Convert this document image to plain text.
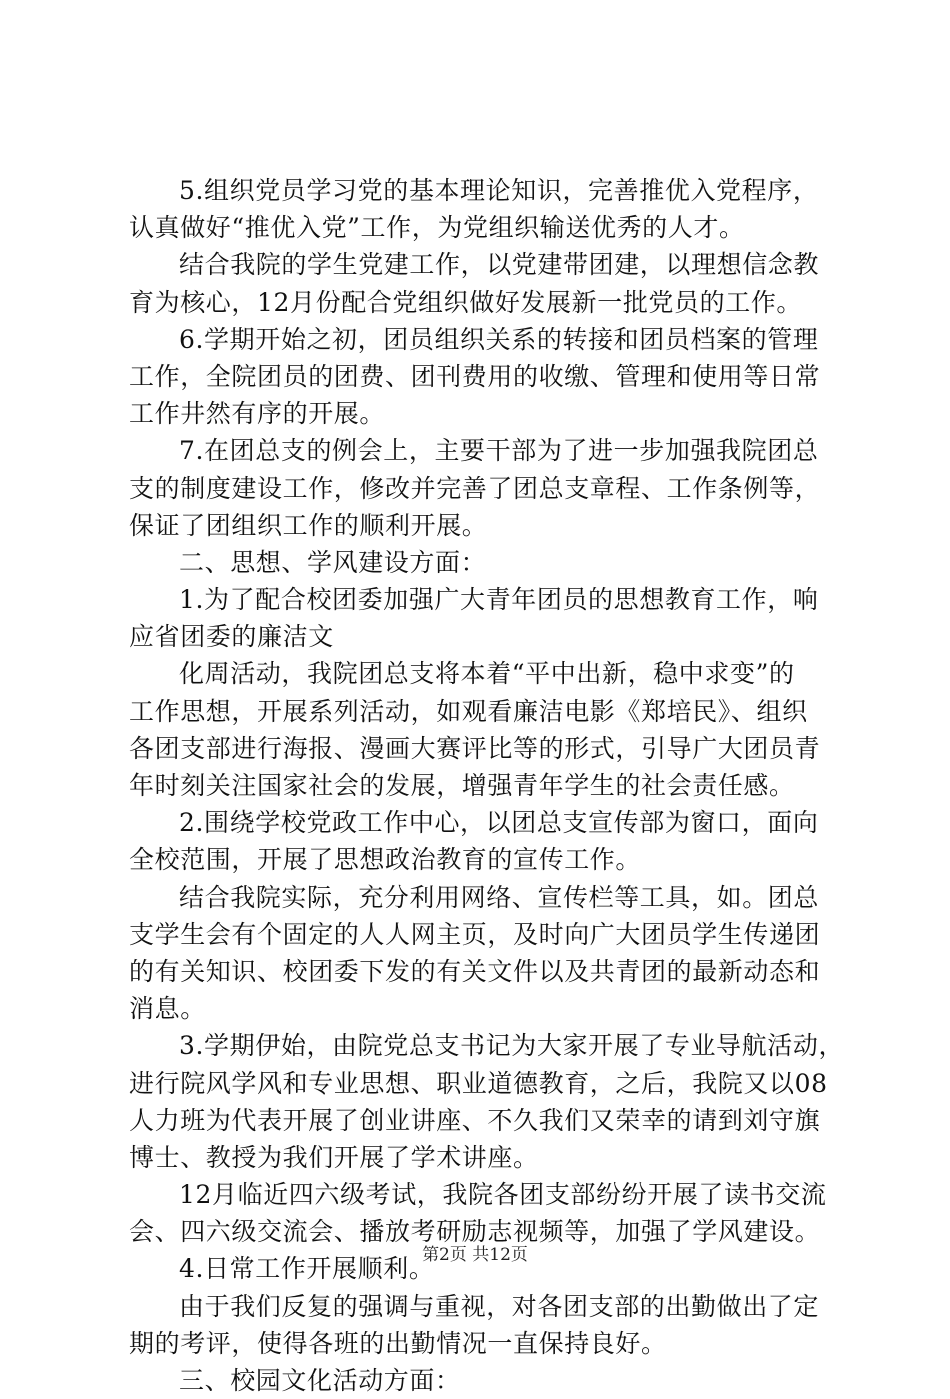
5.组织党员学习党的基本理论知识，完善推优入党程序，
认真做好“推优入党”工作，为党组织输送优秀的人才。
结合我院的学生党建工作，以党建带团建，以理想信念教
育为核心，12月份配合党组织做好发展新一批党员的工作。
6.学期开始之初，团员组织关系的转接和团员档案的管理
工作，全院团员的团费、团刊费用的收缴、管理和使用等日常
工作井然有序的开展。
7.在团总支的例会上，主要干部为了进一步加强我院团总
支的制度建设工作，修改并完善了团总支章程、工作条例等，
保证了团组织工作的顺利开展。
二、思想、学风建设方面：
1.为了配合校团委加强广大青年团员的思想教育工作，响
应省团委的廉洁文
化周活动，我院团总支将本着“平中出新，稳中求变”的
工作思想，开展系列活动，如观看廉洁电影《郑培民》、组织
各团支部进行海报、漫画大赛评比等的形式，引导广大团员青
年时刻关注国家社会的发展，增强青年学生的社会责任感。
2.围绕学校党政工作中心，以团总支宣传部为窗口，面向
全校范围，开展了思想政治教育的宣传工作。
结合我院实际，充分利用网络、宣传栏等工具，如。团总
支学生会有个固定的人人网主页，及时向广大团员学生传递团
的有关知识、校团委下发的有关文件以及共青团的最新动态和
消息。
3.学期伊始，由院党总支书记为大家开展了专业导航活动，
进行院风学风和专业思想、职业道德教育，之后，我院又以08
人力班为代表开展了创业讲座、不久我们又荣幸的请到刘守旗
博士、教授为我们开展了学术讲座。
12月临近四六级考试，我院各团支部纷纷开展了读书交流
会、四六级交流会、播放考研励志视频等，加强了学风建设。
4.日常工作开展顺利。
由于我们反复的强调与重视，对各团支部的出勤做出了定
期的考评，使得各班的出勤情况一直保持良好。
三、校园文化活动方面：
第2页 共12页
